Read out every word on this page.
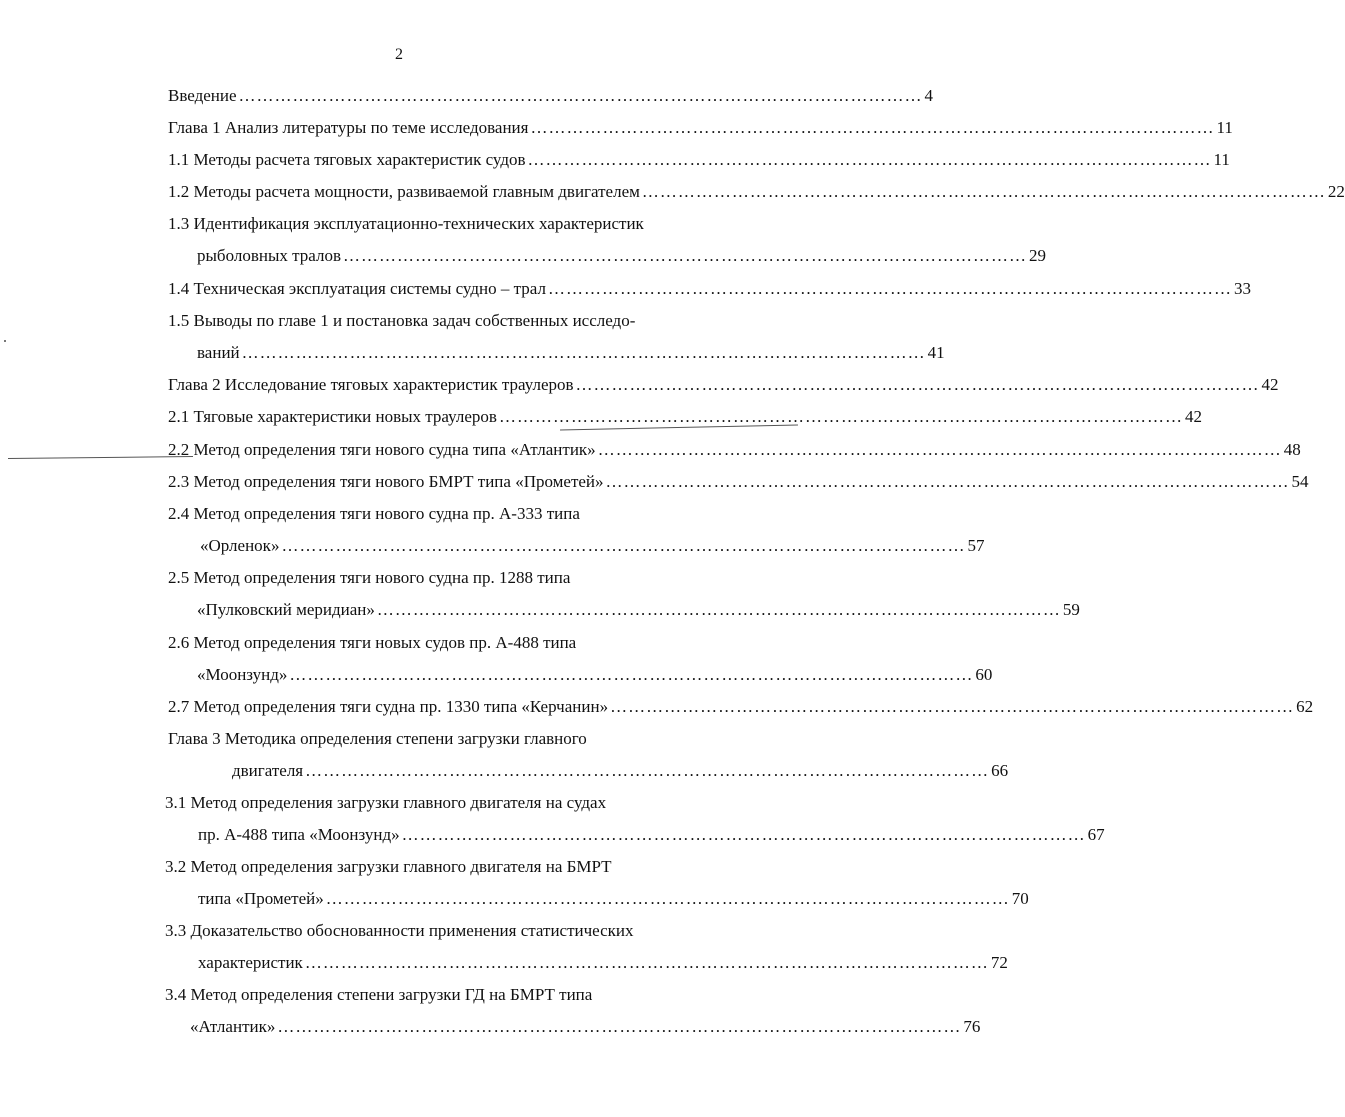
2
Введение …………………………………………………………………………………………………… 4
Глава 1 Анализ литературы по теме исследования …………………………………………………………………………………………………… 11
1.1 Методы расчета тяговых характеристик судов …………………………………………………………………………………………………… 11
1.2 Методы расчета мощности, развиваемой главным двигателем …………………………………………………………………………………………………… 22
1.3 Идентификация эксплуатационно-технических характеристик
рыболовных тралов …………………………………………………………………………………………………… 29
1.4 Техническая эксплуатация системы судно – трал …………………………………………………………………………………………………… 33
1.5 Выводы по главе 1 и постановка задач собственных исследо-
ваний …………………………………………………………………………………………………… 41
Глава 2 Исследование тяговых характеристик траулеров …………………………………………………………………………………………………… 42
2.1 Тяговые характеристики новых траулеров …………………………………………………………………………………………………… 42
2.2 Метод определения тяги нового судна типа «Атлантик» …………………………………………………………………………………………………… 48
2.3 Метод определения тяги нового БМРТ типа «Прометей» …………………………………………………………………………………………………… 54
2.4 Метод определения тяги нового судна пр. А-333 типа
«Орленок» …………………………………………………………………………………………………… 57
2.5 Метод определения тяги нового судна пр. 1288 типа
«Пулковский меридиан» …………………………………………………………………………………………………… 59
2.6 Метод определения тяги новых судов пр. А-488 типа
«Моонзунд» …………………………………………………………………………………………………… 60
2.7 Метод определения тяги судна пр. 1330 типа «Керчанин» …………………………………………………………………………………………………… 62
Глава 3 Методика определения степени загрузки главного
двигателя …………………………………………………………………………………………………… 66
3.1 Метод определения загрузки главного двигателя на судах
пр. А-488 типа «Моонзунд» …………………………………………………………………………………………………… 67
3.2 Метод определения загрузки главного двигателя на БМРТ
типа «Прометей» …………………………………………………………………………………………………… 70
3.3 Доказательство обоснованности применения статистических
характеристик …………………………………………………………………………………………………… 72
3.4 Метод определения степени загрузки ГД на БМРТ типа
«Атлантик» …………………………………………………………………………………………………… 76
